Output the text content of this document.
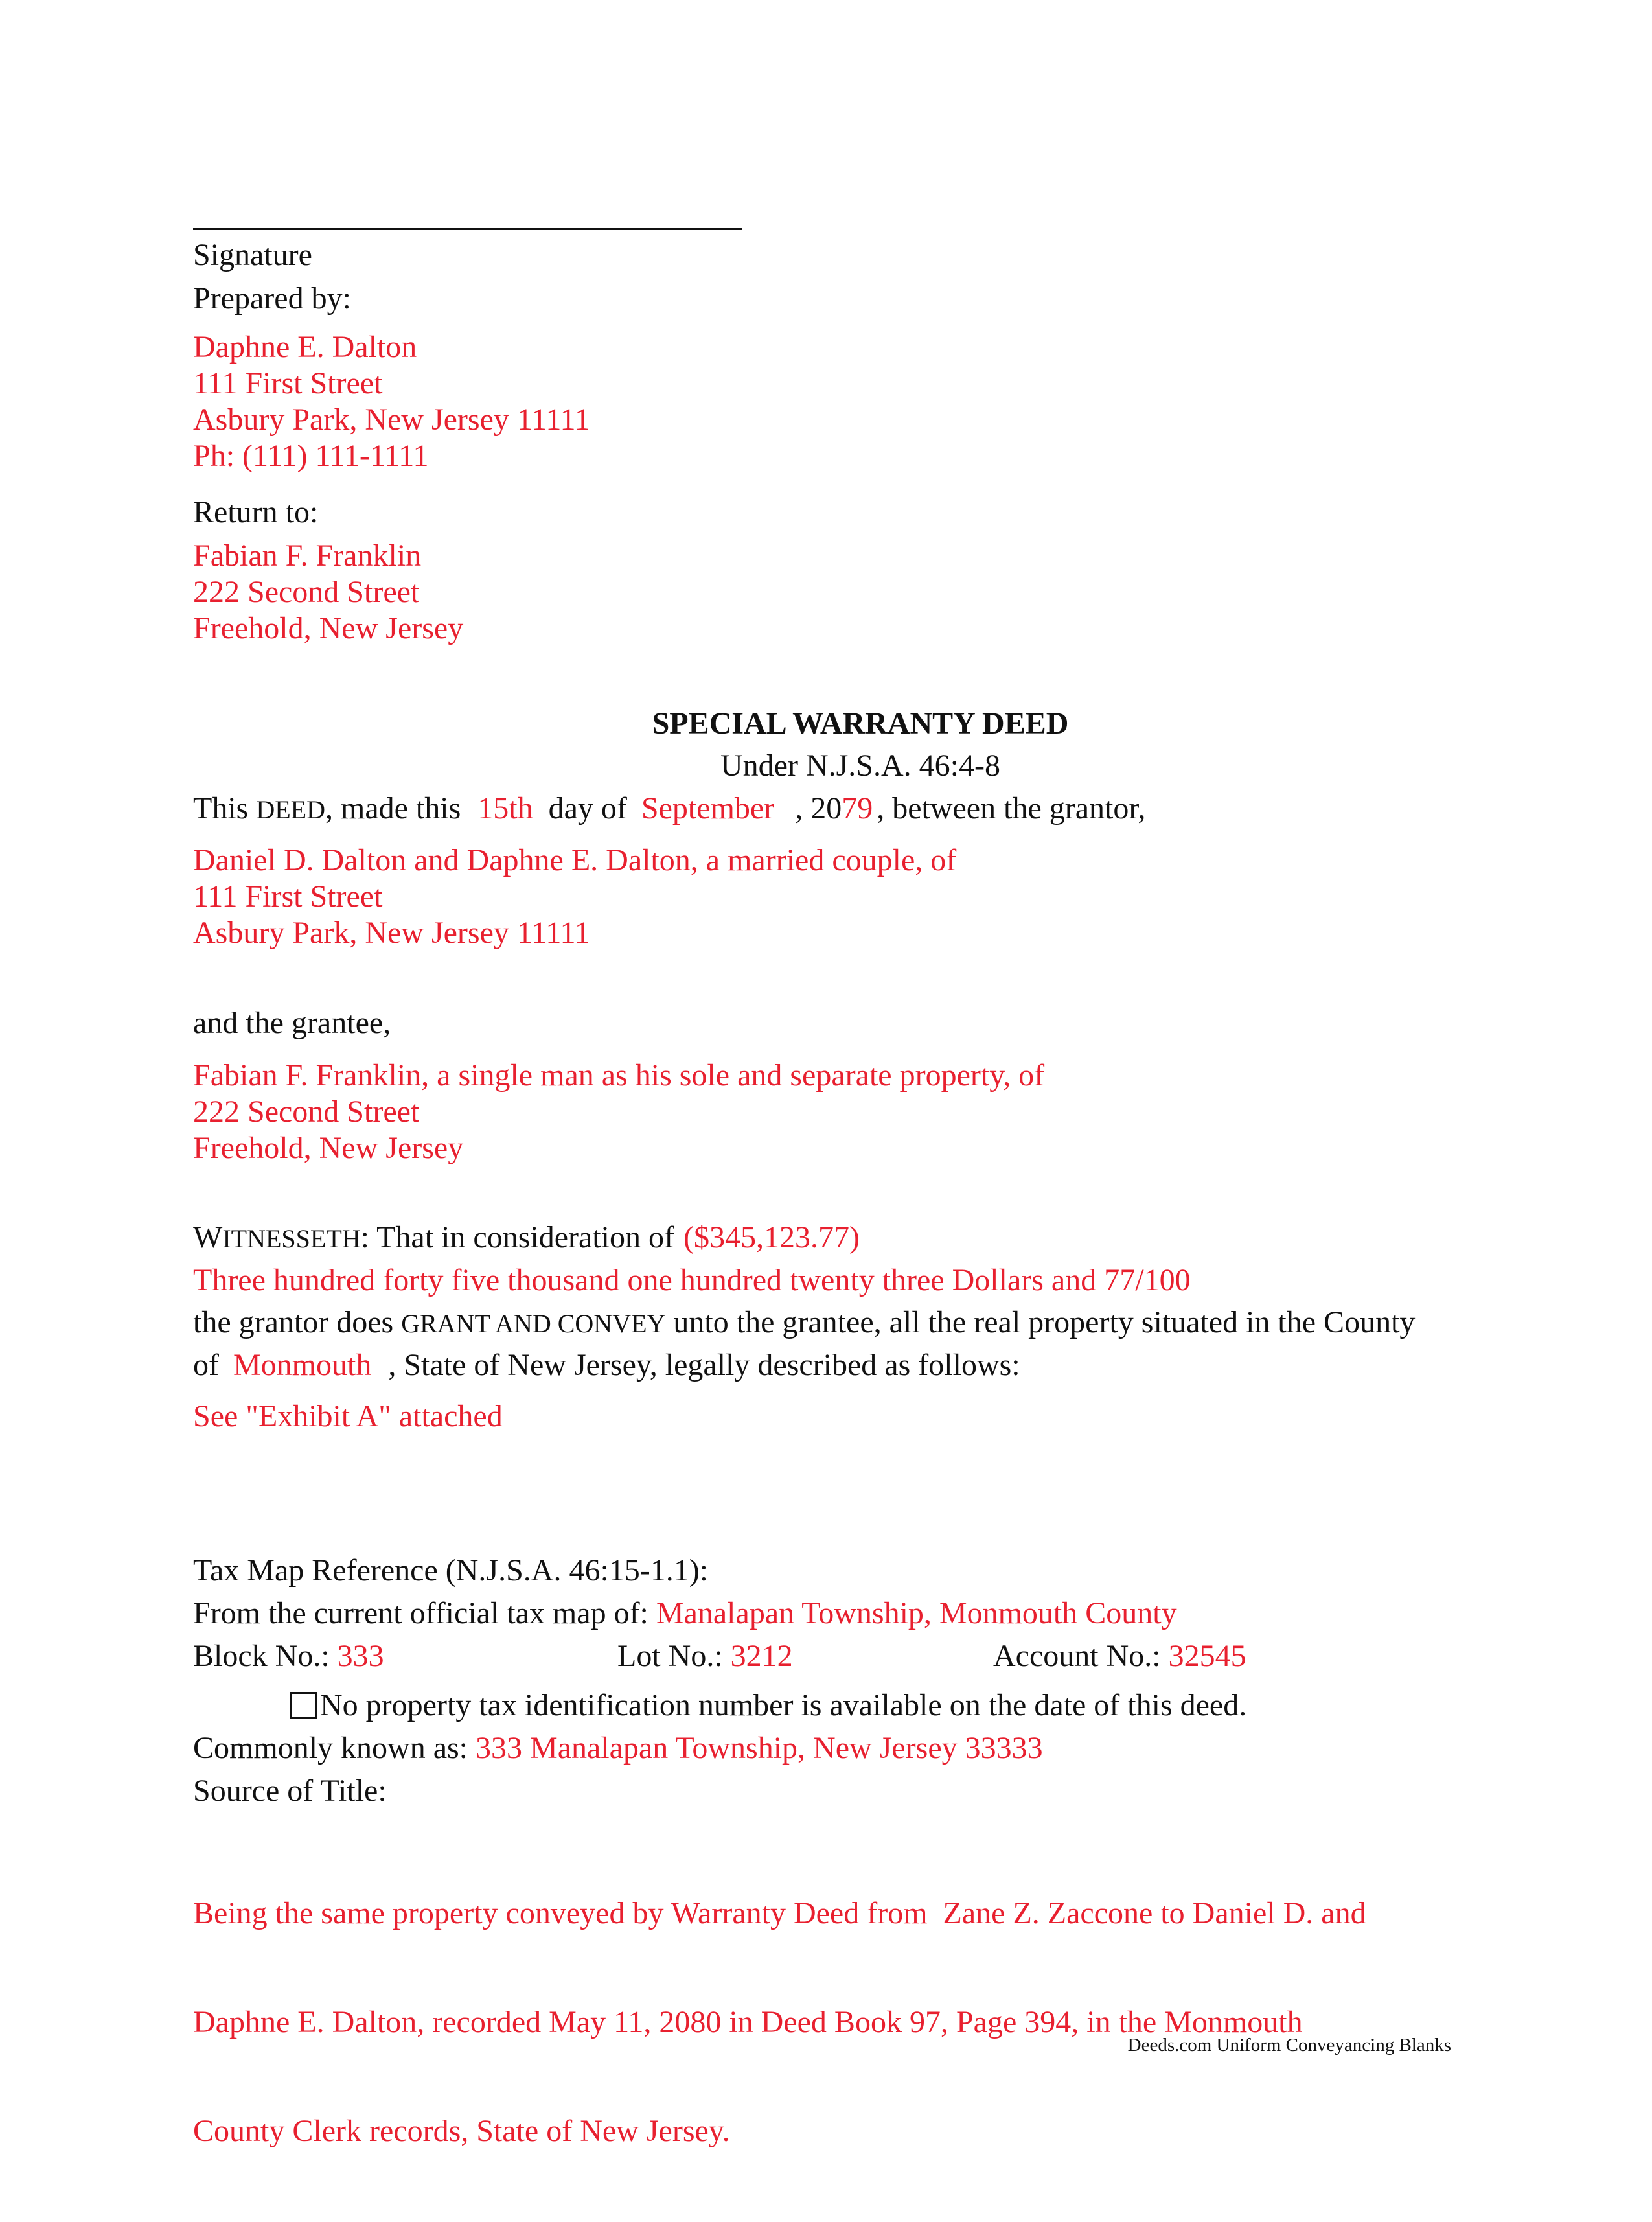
Signature
Prepared by:
Daphne E. Dalton
111 First Street
Asbury Park, New Jersey 11111
Ph: (111) 111-1111
Return to:
Fabian F. Franklin
222 Second Street
Freehold, New Jersey
SPECIAL WARRANTY DEED
Under N.J.S.A. 46:4-8
This DEED, made this 15th day of September , 2079 , between the grantor,
Daniel D. Dalton and Daphne E. Dalton, a married couple, of
111 First Street
Asbury Park, New Jersey 11111
and the grantee,
Fabian F. Franklin, a single man as his sole and separate property, of
222 Second Street
Freehold, New Jersey
WITNESSETH: That in consideration of ($345,123.77)
Three hundred forty five thousand one hundred twenty three Dollars and 77/100
the grantor does GRANT AND CONVEY unto the grantee, all the real property situated in the County
of Monmouth , State of New Jersey, legally described as follows:
See "Exhibit A" attached
Tax Map Reference (N.J.S.A. 46:15-1.1):
From the current official tax map of: Manalapan Township, Monmouth County
Block No.: 333	Lot No.: 3212	Account No.: 32545
No property tax identification number is available on the date of this deed.
Commonly known as: 333 Manalapan Township, New Jersey 33333
Source of Title:

Being the same property conveyed by Warranty Deed from  Zane Z. Zaccone to Daniel D. and

Daphne E. Dalton, recorded May 11, 2080 in Deed Book 97, Page 394, in the Monmouth

County Clerk records, State of New Jersey.

Deeds.com Uniform Conveyancing Blanks
